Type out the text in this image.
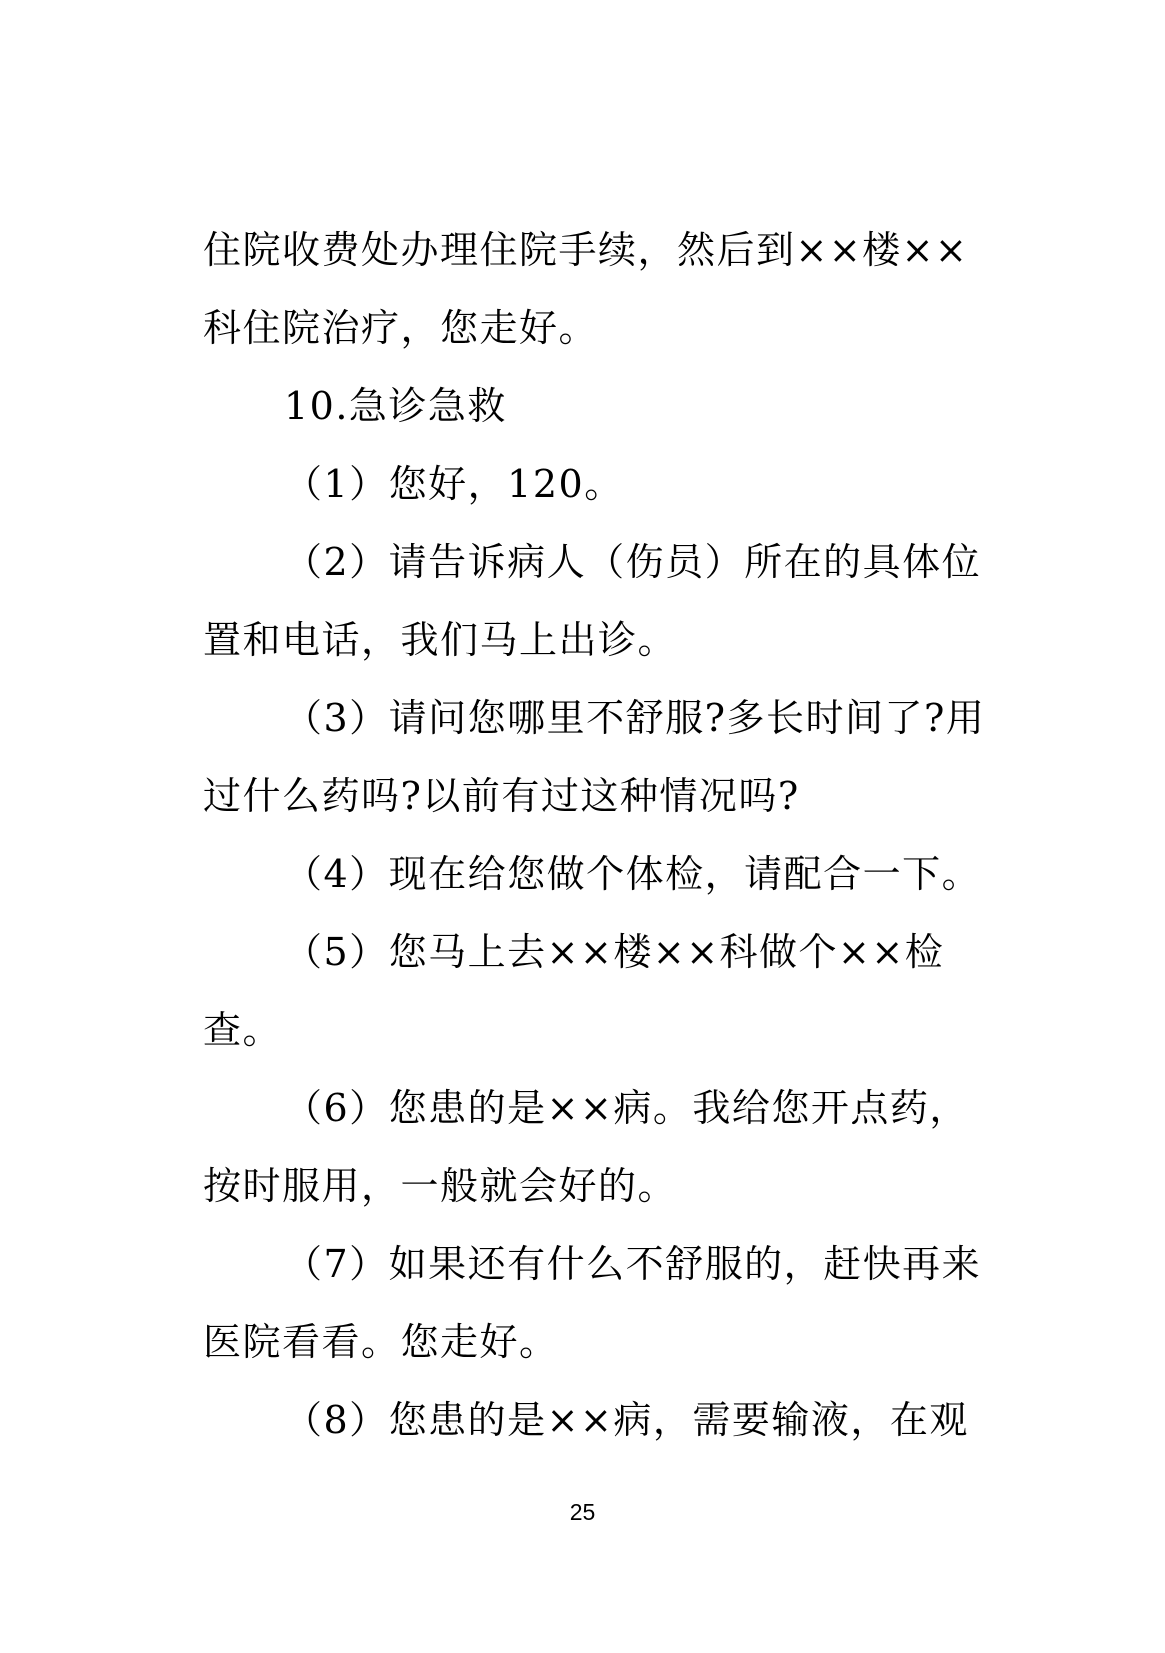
住院收费处办理住院手续，然后到××楼××
科住院治疗，您走好。
10.急诊急救
（1）您好，120。
（2）请告诉病人（伤员）所在的具体位
置和电话，我们马上出诊。
（3）请问您哪里不舒服?多长时间了?用
过什么药吗?以前有过这种情况吗?
（4）现在给您做个体检，请配合一下。
（5）您马上去××楼××科做个××检
查。
（6）您患的是××病。我给您开点药，
按时服用，一般就会好的。
（7）如果还有什么不舒服的，赶快再来
医院看看。您走好。
（8）您患的是××病，需要输液，在观
25
